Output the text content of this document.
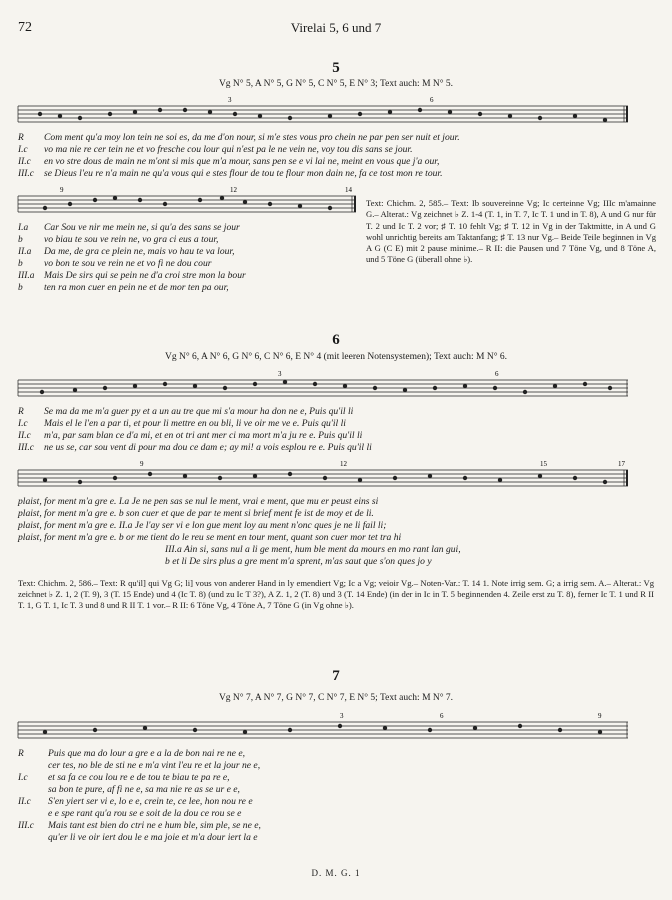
72	Virelai 5, 6 und 7
5
Vg N° 5, A N° 5, G N° 5, C N° 5, E N° 3; Text auch: M N° 5.
3	6
R Com ment qu'a moy lon tein ne soi es, da me d'on nour, si m'e stes vous pro chein ne par pen ser nuit et jour.
I.c vo ma nie re cer tein ne et vo fresche cou lour qui n'est pa le ne vein ne, voy tou dis sans se jour.
II.c en vo stre dous de main ne m'ont si mis que m'a mour, sans pen se e vi lai ne, meint en vous que j'a our,
III.c se Dieus l'eu re n'a main ne qu'a vous qui e stes flour de tou te flour mon dain ne, fa ce tost mon re tour.
9	12	14
I.a Car Sou ve nir me mein ne, si qu'a des sans se jour
b vo biau te sou ve rein ne, vo gra ci eus a tour,
II.a Da me, de gra ce plein ne, mais vo hau te va lour,
b vo bon te sou ve rein ne et vo fi ne dou cour
III.a Mais De sirs qui se pein ne d'a croi stre mon la bour
b ten ra mon cuer en pein ne et de mor ten pa our,
Text: Chichm. 2, 585.– Text: Ib souvereinne Vg; Ic certeinne Vg; IIIc m'amainne G.– Alterat.: Vg zeichnet ♭ Z. 1-4 (T. 1, in T. 7, Ic T. 1 und in T. 8), A und G nur für T. 2 und Ic T. 2 vor; ♯ T. 10 fehlt Vg; ♯ T. 12 in Vg in der Taktmitte, in A und G wohl unrichtig bereits am Taktanfang; ♯ T. 13 nur Vg.– Beide Teile beginnen in Vg A G (C E) mit 2 pause minime.– R II: die Pausen und 7 Töne Vg, und 8 Töne A, und 5 Töne G (überall ohne ♭).
6
Vg N° 6, A N° 6, G N° 6, C N° 6, E N° 4 (mit leeren Notensystemen); Text auch: M N° 6.
3	6
R Se ma da me m'a guer py et a un au tre que mi s'a mour ha don ne e, Puis qu'il li
I.c Mais el le l'en a par ti, et pour li mettre en ou bli, li ve oir me ve e. Puis qu'il li
II.c m'a, par sam blan ce d'a mi, et en ot tri ant mer ci ma mort m'a ju re e. Puis qu'il li
III.c ne us se, car sou vent di pour ma dou ce dam e; ay mi! a vois esplou re e. Puis qu'il li
9	12	15	17
plaist, for ment m'a gre e. I.a Je ne pen sas se nul le ment, vrai e ment, que mu er peust eins si
plaist, for ment m'a gre e. b son cuer et que de par te ment si brief ment fe ist de moy et de li.
plaist, for ment m'a gre e. II.a Je l'ay ser vi e lon gue ment loy au ment n'onc ques je ne li fail li;
plaist, for ment m'a gre e. b or me tient do le reu se ment en tour ment, quant son cuer mor tet tra hi
III.a Ain si, sans nul a li ge ment, hum ble ment da mours en mo rant lan gui,
b et li De sirs plus a gre ment m'a sprent, m'as saut que s'on ques jo y
Text: Chichm. 2, 586.– Text: R qu'il] qui Vg G; li] vous von anderer Hand in ly emendiert Vg; Ic a Vg; veioir Vg.– Noten-Var.: T. 14 1. Note irrig sem. G; a irrig sem. A.– Alterat.: Vg zeichnet ♭ Z. 1, 2 (T. 9), 3 (T. 15 Ende) und 4 (Ic T. 8) (und zu Ic T 3?), A Z. 1, 2 (T. 8) und 3 (T. 14 Ende) (in der in Ic in T. 5 beginnenden 4. Zeile erst zu T. 8), ferner Ic T. 1 und R II T. 1, G T. 1, Ic T. 3 und 8 und R II T. 1 vor.– R II: 6 Töne Vg, 4 Töne A, 7 Töne G (in Vg ohne ♭).
7
Vg N° 7, A N° 7, G N° 7, C N° 7, E N° 5; Text auch: M N° 7.
3	6	9
R	Puis que ma do lour a gre e a la de bon nai re ne e,
cer tes, no ble de sti ne e m'a vint l'eu re et la jour ne e,
I.c et sa fa ce cou lou re e de tou te biau te pa re e,
sa bon te pure, af fi ne e, sa ma nie re as se ur e e,
II.c S'en yiert ser vi e, lo e e, crein te, ce lee, hon nou re e
e e spe rant qu'a rou se e soit de la dou ce rou se e
III.c Mais tant est bien do ctri ne e hum ble, sim ple, se ne e,
qu'er li ve oir iert dou le e ma joie et m'a dour iert la e
D. M. G. 1
